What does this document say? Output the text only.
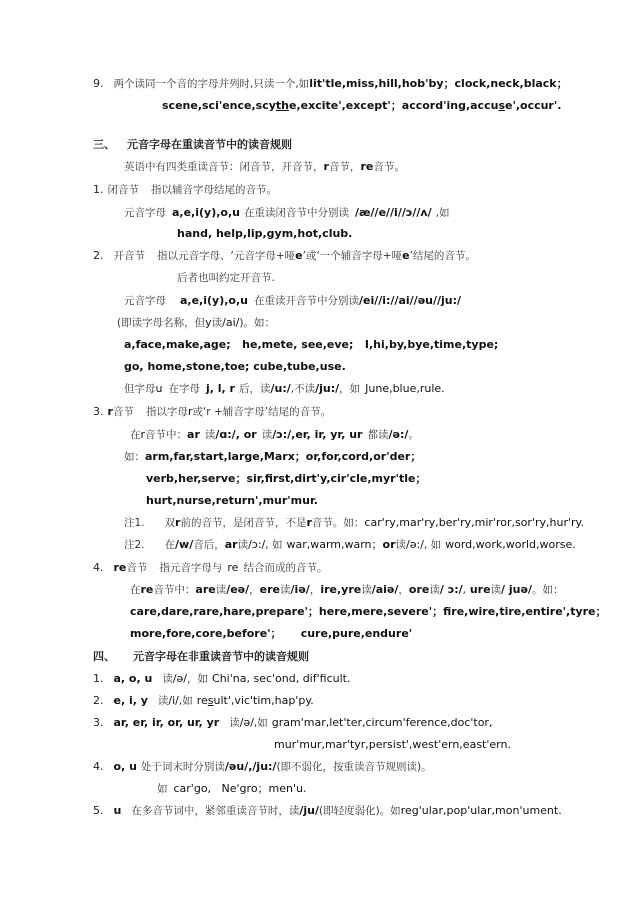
9. 两个读同一个音的字母并列时,只读一个,如lit'tle,miss,hill,hob'by；clock,neck,black；
scene,sci'ence,scythe,excite',except'；accord'ing,accuse',occur'.
三、 元音字母在重读音节中的读音规则
英语中有四类重读音节：闭音节，开音节，r音节，re音节。
1. 闭音节 指以辅音字母结尾的音节。
元音字母 a,e,i(y),o,u 在重读闭音节中分别读 /æ//e//i//ɔ//ʌ/ ,如
hand, help,lip,gym,hot,club.
2. 开音节 指以元音字母、‘元音字母+哑e’或‘一个辅音字母+哑e’结尾的音节。
后者也叫约定开音节.
元音字母 a,e,i(y),o,u 在重读开音节中分别读/ei//i://ai//əu//ju:/
(即读字母名称，但y读/ai/)。如：
a,face,make,age;   he,mete, see,eve;   I,hi,by,bye,time,type;
go, home,stone,toe; cube,tube,use.
但字母u 在字母 j, l, r 后，读/u:/,不读/ju:/，如 June,blue,rule.
3. r音节 指以字母r或‘r +辅音字母’结尾的音节。
在r音节中：ar 读/ɑ:/, or 读/ɔ:/,er, ir, yr, ur 都读/ə:/。
如：arm,far,start,large,Marx；or,for,cord,or'der；
verb,her,serve；sir,first,dirt'y,cir'cle,myr'tle；
hurt,nurse,return',mur'mur.
注1. 双r前的音节，是闭音节，不是r音节。如：car'ry,mar'ry,ber'ry,mir'ror,sor'ry,hur'ry.
注2. 在/w/音后，ar读/ɔ:/, 如 war,warm,warn；or读/ə:/, 如 word,work,world,worse.
4. re音节 指元音字母与 re 结合而成的音节。
在re音节中：are读/eə/，ere读/iə/，ire,yre读/aiə/，ore读/ ɔ:/, ure读/ juə/。如：
care,dare,rare,hare,prepare'；here,mere,severe'；fire,wire,tire,entire',tyre；
more,fore,core,before'；     cure,pure,endure'
四、 元音字母在非重读音节中的读音规则
1. a, o, u 读/ə/，如 Chi'na, sec'ond, dif'ficult.
2. e, i, y 读/i/,如 result',vic'tim,hap'py.
3. ar, er, ir, or, ur, yr 读/ə/,如 gram'mar,let'ter,circum'ference,doc'tor,
mur'mur,mar'tyr,persist',west'ern,east'ern.
4. o, u 处于词末时分别读/əu/,/ju:/(即不弱化，按重读音节规则读)。
如 car'go,   Ne'gro；men'u.
5. u 在多音节词中，紧邻重读音节时，读/ju/(即轻度弱化)。如reg'ular,pop'ular,mon'ument.
